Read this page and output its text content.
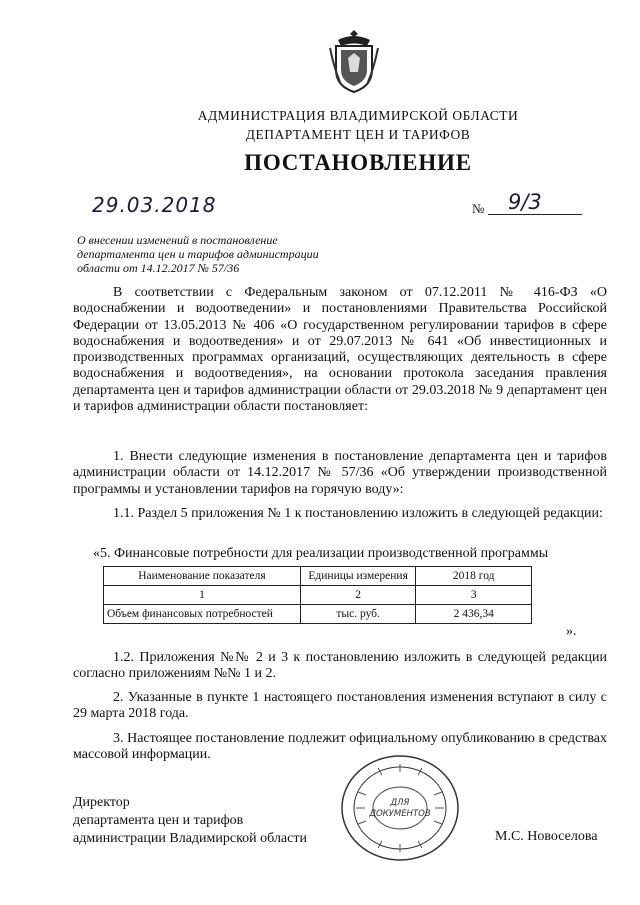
АДМИНИСТРАЦИЯ ВЛАДИМИРСКОЙ ОБЛАСТИ
ДЕПАРТАМЕНТ ЦЕН И ТАРИФОВ
ПОСТАНОВЛЕНИЕ
29.03.2018	№ 9/3
О внесении изменений в постановление
департамента цен и тарифов администрации
области от 14.12.2017 № 57/36

В соответствии с Федеральным законом от 07.12.2011 № 416-ФЗ «О водоснабжении и водоотведении» и постановлениями Правительства Российской Федерации от 13.05.2013 № 406 «О государственном регулировании тарифов в сфере водоснабжения и водоотведения» и от 29.07.2013 № 641 «Об инвестиционных и производственных программах организаций, осуществляющих деятельность в сфере водоснабжения и водоотведения», на основании протокола заседания правления департамента цен и тарифов администрации области от 29.03.2018 № 9 департамент цен и тарифов администрации области постановляет:

1. Внести следующие изменения в постановление департамента цен и тарифов администрации области от 14.12.2017 № 57/36 «Об утверждении производственной программы и установлении тарифов на горячую воду»:

1.1. Раздел 5 приложения № 1 к постановлению изложить в следующей редакции:

«5. Финансовые потребности для реализации производственной программы

Наименование показателя	Единицы измерения	2018 год
1	2	3
Объем финансовых потребностей	тыс. руб.	2 436,34
».

1.2. Приложения №№ 2 и 3 к постановлению изложить в следующей редакции согласно приложениям №№ 1 и 2.

2. Указанные в пункте 1 настоящего постановления изменения вступают в силу с 29 марта 2018 года.

3. Настоящее постановление подлежит официальному опубликованию в средствах массовой информации.

ДЛЯ
ДОКУМЕНТОВ
Директор
департамента цен и тарифов
администрации Владимирской области	М.С. Новоселова
